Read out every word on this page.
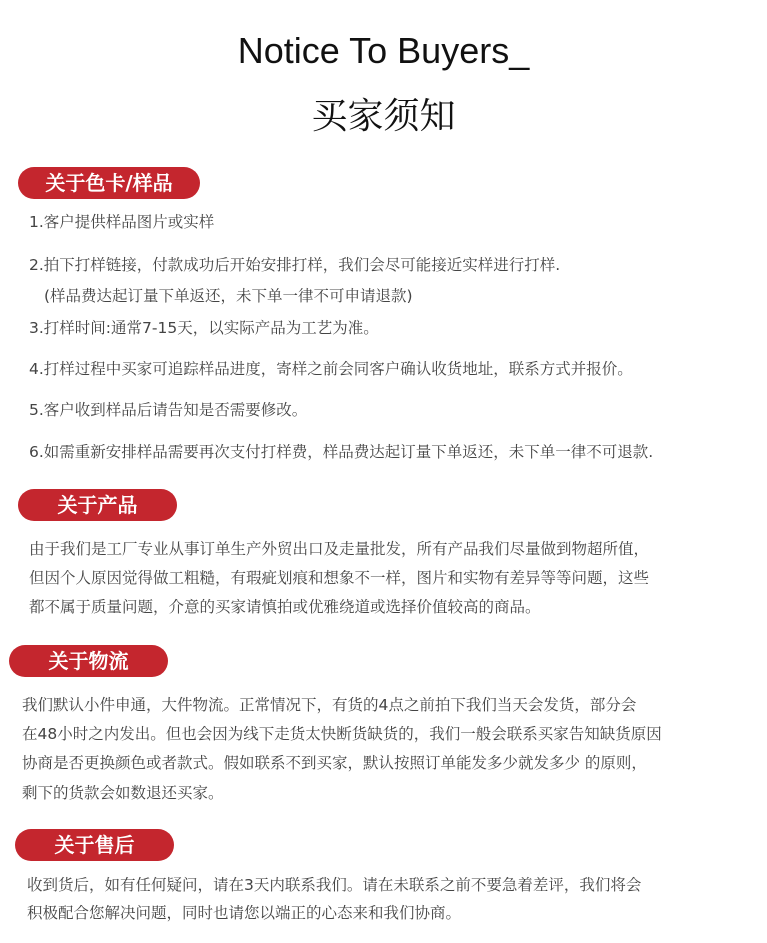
Notice To Buyers_
买家须知
关于色卡/样品
1.客户提供样品图片或实样
2.拍下打样链接，付款成功后开始安排打样，我们会尽可能接近实样进行打样.
(样品费达起订量下单返还，未下单一律不可申请退款)
3.打样时间:通常7-15天，以实际产品为工艺为准。
4.打样过程中买家可追踪样品进度，寄样之前会同客户确认收货地址，联系方式并报价。
5.客户收到样品后请告知是否需要修改。
6.如需重新安排样品需要再次支付打样费，样品费达起订量下单返还，未下单一律不可退款.
关于产品
由于我们是工厂专业从事订单生产外贸出口及走量批发，所有产品我们尽量做到物超所值，
但因个人原因觉得做工粗糙，有瑕疵划痕和想象不一样，图片和实物有差异等等问题，这些
都不属于质量问题，介意的买家请慎拍或优雅绕道或选择价值较高的商品。
关于物流
我们默认小件申通，大件物流。正常情况下，有货的4点之前拍下我们当天会发货，部分会
在48小时之内发出。但也会因为线下走货太快断货缺货的，我们一般会联系买家告知缺货原因
协商是否更换颜色或者款式。假如联系不到买家，默认按照订单能发多少就发多少 的原则，
剩下的货款会如数退还买家。
关于售后
收到货后，如有任何疑问，请在3天内联系我们。请在未联系之前不要急着差评，我们将会
积极配合您解决问题，同时也请您以端正的心态来和我们协商。
